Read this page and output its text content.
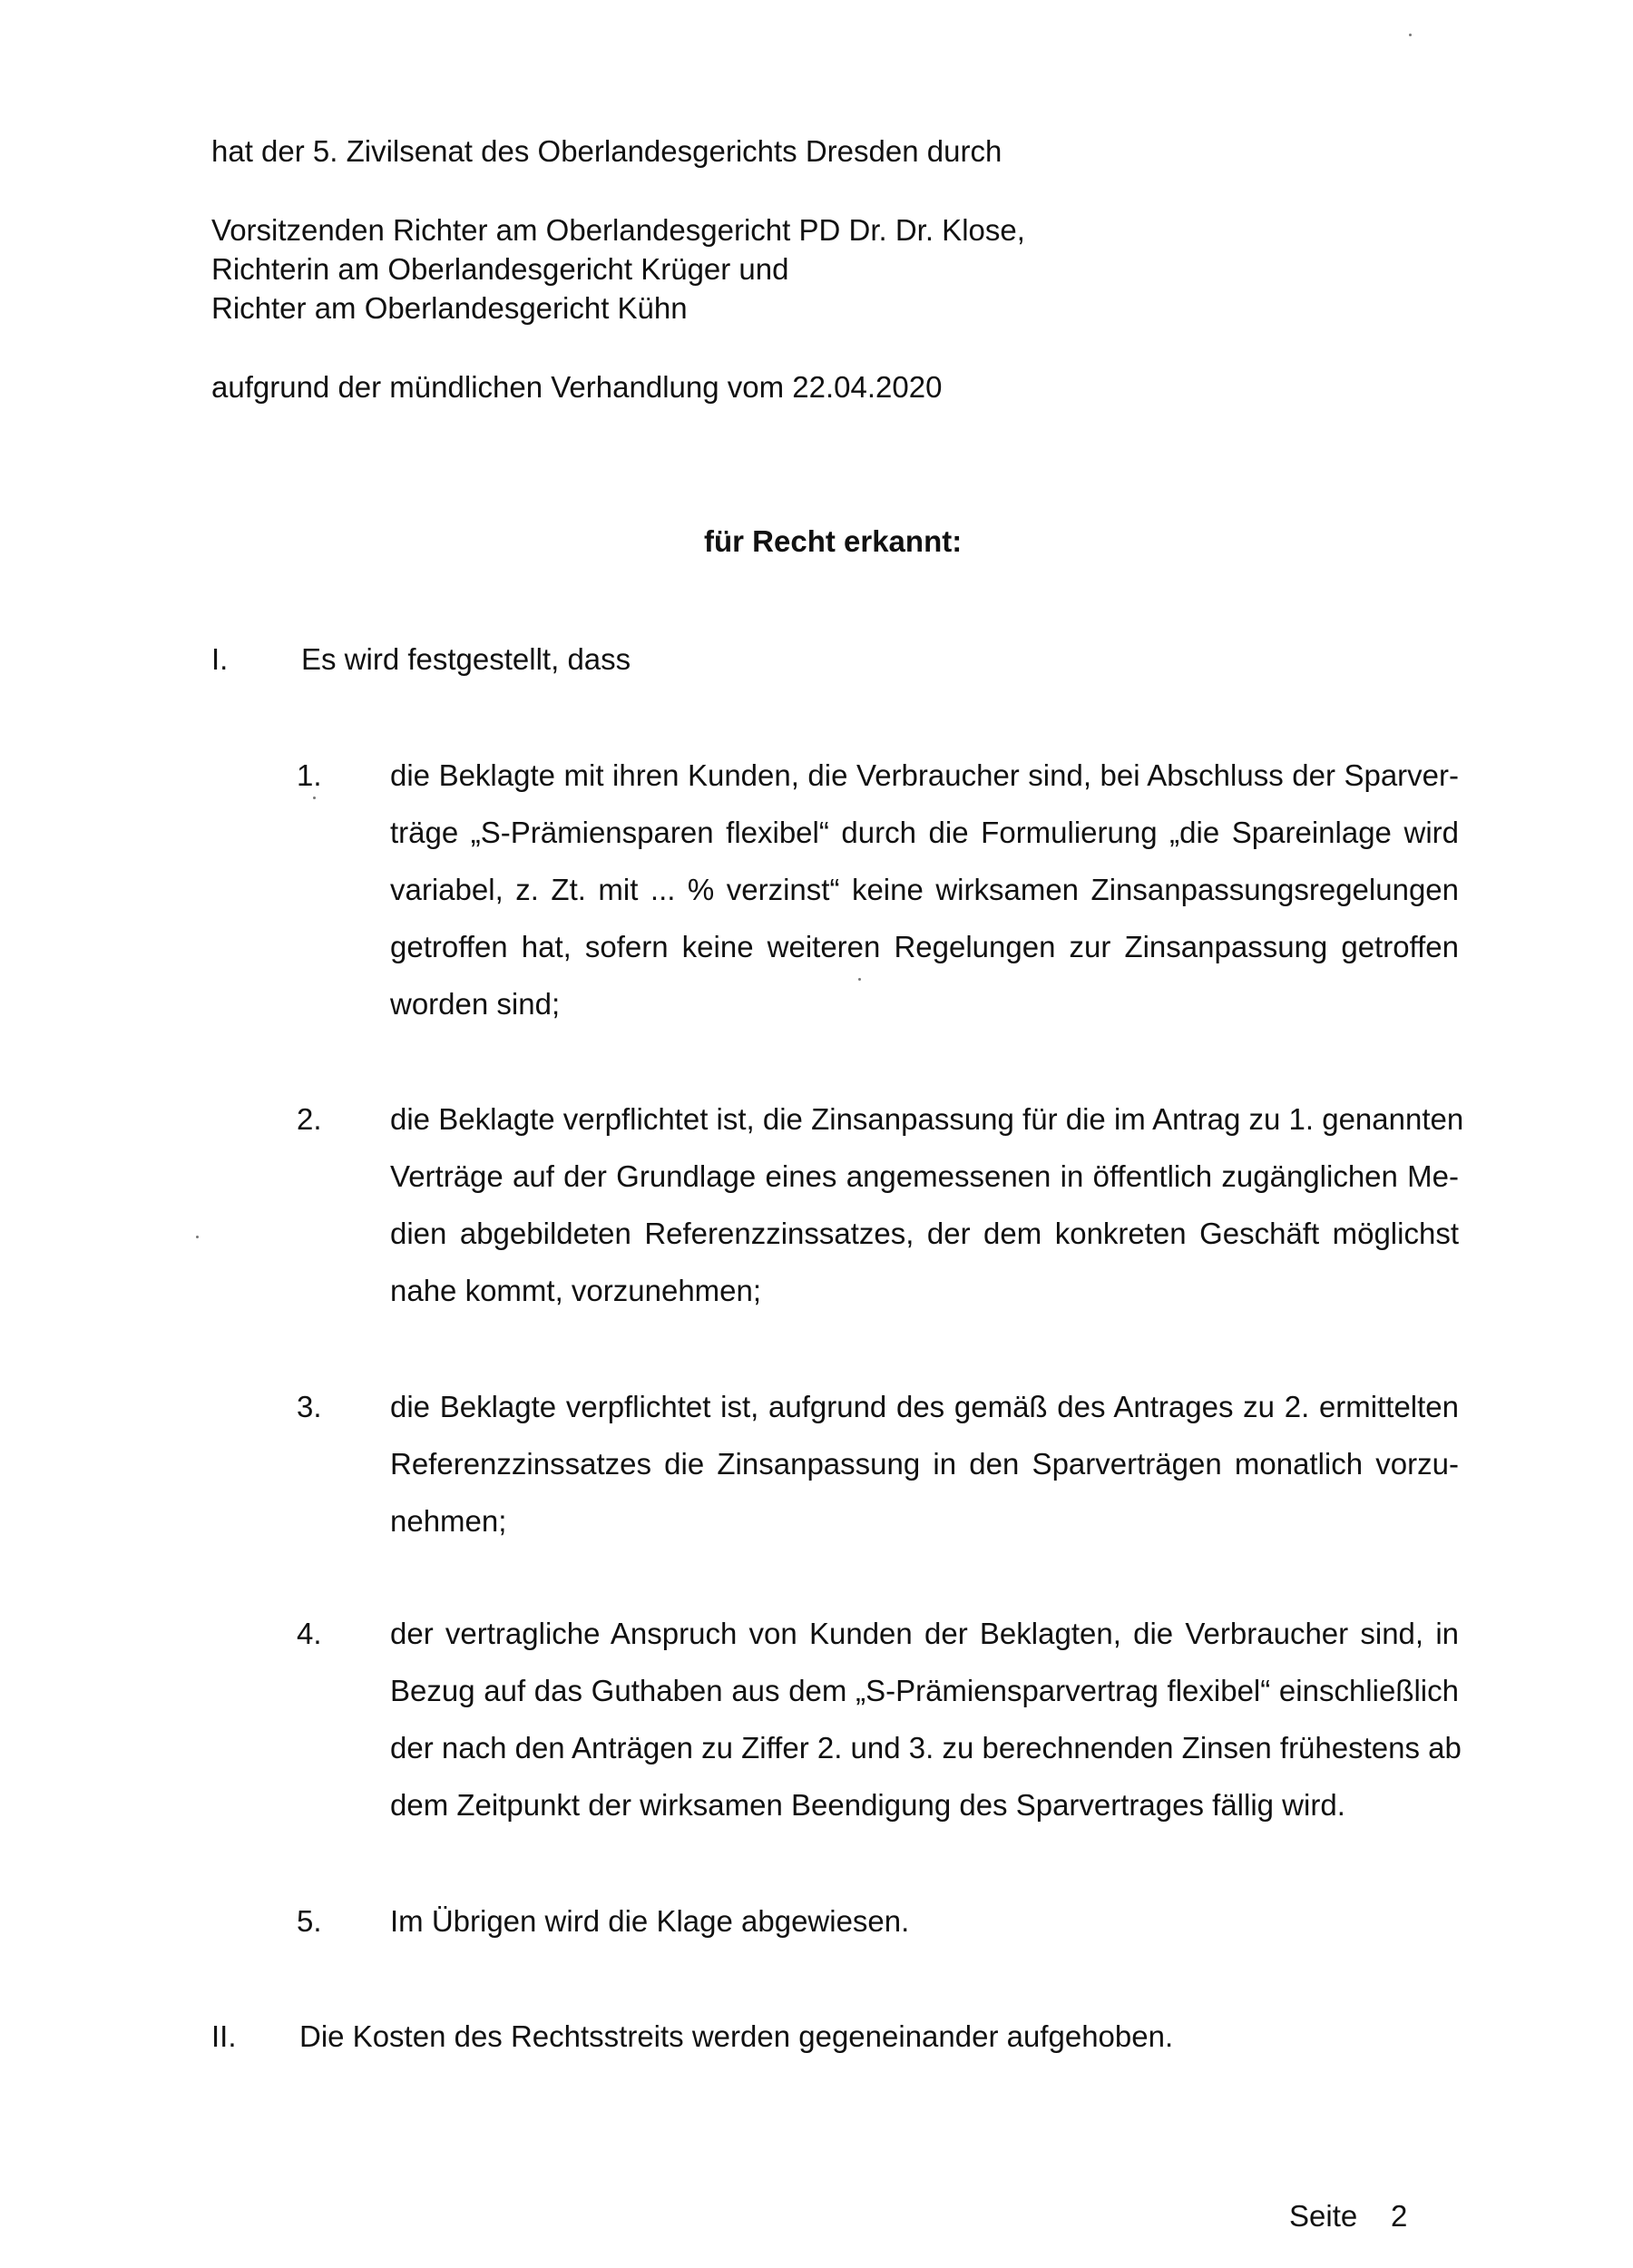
hat der 5. Zivilsenat des Oberlandesgerichts Dresden durch
Vorsitzenden Richter am Oberlandesgericht PD Dr. Dr. Klose,
Richterin am Oberlandesgericht Krüger und
Richter am Oberlandesgericht Kühn
aufgrund der mündlichen Verhandlung vom 22.04.2020
für Recht erkannt:
I. Es wird festgestellt, dass
1. die Beklagte mit ihren Kunden, die Verbraucher sind, bei Abschluss der Sparver-
träge „S-Prämiensparen flexibel“ durch die Formulierung „die Spareinlage wird
variabel, z. Zt. mit ... % verzinst“ keine wirksamen Zinsanpassungsregelungen
getroffen hat, sofern keine weiteren Regelungen zur Zinsanpassung getroffen
worden sind;
2. die Beklagte verpflichtet ist, die Zinsanpassung für die im Antrag zu 1. genannten
Verträge auf der Grundlage eines angemessenen in öffentlich zugänglichen Me-
dien abgebildeten Referenzzinssatzes, der dem konkreten Geschäft möglichst
nahe kommt, vorzunehmen;
3. die Beklagte verpflichtet ist, aufgrund des gemäß des Antrages zu 2. ermittelten
Referenzzinssatzes die Zinsanpassung in den Sparverträgen monatlich vorzu-
nehmen;
4. der vertragliche Anspruch von Kunden der Beklagten, die Verbraucher sind, in
Bezug auf das Guthaben aus dem „S-Prämiensparvertrag flexibel“ einschließlich
der nach den Anträgen zu Ziffer 2. und 3. zu berechnenden Zinsen frühestens ab
dem Zeitpunkt der wirksamen Beendigung des Sparvertrages fällig wird.
5. Im Übrigen wird die Klage abgewiesen.
II. Die Kosten des Rechtsstreits werden gegeneinander aufgehoben.
Seite 2
